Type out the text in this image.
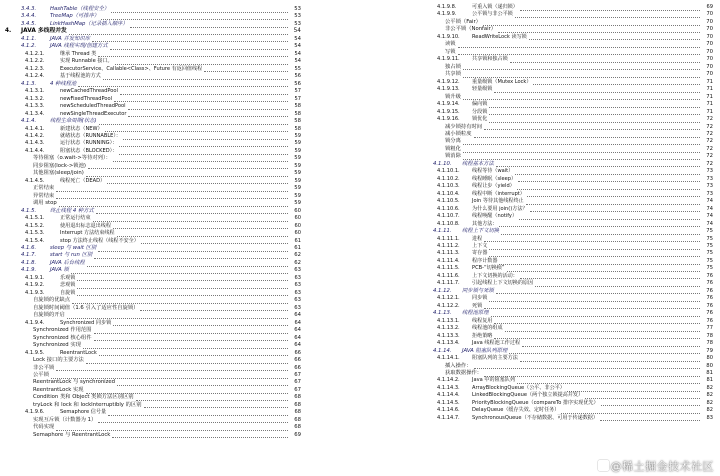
3.4.3.	HashTable（线程安全）	53
3.4.4.	TreeMap（可排序）	53
3.4.5.	LinkHashMap（记录插入顺序）	53
4. JAVA 多线程并发	54
4.1.1.	JAVA 并发知识库	54
4.1.2.	JAVA 线程实现/创建方式	54
4.1.2.1.	继承 Thread 类	54
4.1.2.2.	实现 Runnable 接口。	54
4.1.2.3.	ExecutorService、Callable<Class>、Future 有返回值线程	55
4.1.2.4.	基于线程池的方式	56
4.1.3.	4 种线程池	56
4.1.3.1.	newCachedThreadPool	57
4.1.3.2.	newFixedThreadPool	57
4.1.3.3.	newScheduledThreadPool	58
4.1.3.4.	newSingleThreadExecutor	58
4.1.4.	线程生命周期(状态)	58
4.1.4.1.	新建状态（NEW）	58
4.1.4.2.	就绪状态（RUNNABLE）：	59
4.1.4.3.	运行状态（RUNNING）：	59
4.1.4.4.	阻塞状态（BLOCKED）：	59
等待阻塞（o.wait->等待对列）：	59
同步阻塞(lock->锁池)	59
其他阻塞(sleep/join)	59
4.1.4.5.	线程死亡（DEAD）	59
正常结束	59
异常结束	59
调用 stop	59
4.1.5.	终止线程 4 种方式	60
4.1.5.1.	正常运行结束	60
4.1.5.2.	使用退出标志退出线程	60
4.1.5.3.	Interrupt 方法结束线程	60
4.1.5.4.	stop 方法终止线程（线程不安全）	61
4.1.6.	sleep 与 wait 区别	61
4.1.7.	start 与 run 区别	62
4.1.8.	JAVA 后台线程	62
4.1.9.	JAVA 锁	63
4.1.9.1.	乐观锁	63
4.1.9.2.	悲观锁	63
4.1.9.3.	自旋锁	63
自旋锁的优缺点	63
自旋锁时间阈值（1.6 引入了适应性自旋锁）	63
自旋锁的开启	64
4.1.9.4.	Synchronized 同步锁	64
Synchronized 作用范围	64
Synchronized 核心组件	64
Synchronized 实现	64
4.1.9.5.	ReentrantLock	66
Lock 接口的主要方法	66
非公平锁	66
公平锁	67
ReentrantLock 与 synchronized	67
ReentrantLock 实现	67
Condition 类和 Object 类锁方法区别区别	68
tryLock 和 lock 和 lockInterruptibly 的区别	68
4.1.9.6.	Semaphore 信号量	68
实现互斥锁（计数器为 1）	68
代码实现	68
Semaphore 与 ReentrantLock	69
4.1.9.8.	可重入锁（递归锁）	69
4.1.9.9.	公平锁与非公平锁	70
公平锁（Fair）	70
非公平锁（Nonfair）	70
4.1.9.10. ReadWriteLock 读写锁	70
读锁	70
写锁	70
4.1.9.11. 共享锁和独占锁	70
独占锁	70
共享锁	70
4.1.9.12. 重量级锁（Mutex Lock）	71
4.1.9.13. 轻量级锁	71
锁升级	71
4.1.9.14. 偏向锁	71
4.1.9.15. 分段锁	71
4.1.9.16. 锁优化	72
减少锁持有时间	72
减小锁粒度	72
锁分离	72
锁粗化	72
锁消除	72
4.1.10. 线程基本方法	72
4.1.10.1. 线程等待（wait）	73
4.1.10.2. 线程睡眠（sleep）	73
4.1.10.3. 线程让步（yield）	73
4.1.10.4. 线程中断（interrupt）	73
4.1.10.5. Join 等待其他线程终止	74
4.1.10.6. 为什么要用 join()方法？	74
4.1.10.7. 线程唤醒（notify）	74
4.1.10.8. 其他方法：	74
4.1.11. 线程上下文切换	75
4.1.11.1. 进程	75
4.1.11.2. 上下文	75
4.1.11.3. 寄存器	75
4.1.11.4. 程序计数器	75
4.1.11.5. PCB-“切换桢”	75
4.1.11.6. 上下文切换的活动：	76
4.1.11.7. 引起线程上下文切换的原因	76
4.1.12. 同步锁与死锁	76
4.1.12.1. 同步锁	76
4.1.12.2. 死锁	76
4.1.13. 线程池原理	76
4.1.13.1. 线程复用	76
4.1.13.2. 线程池的组成	77
4.1.13.3. 拒绝策略	78
4.1.13.4. Java 线程池工作过程	78
4.1.14. JAVA 阻塞队列原理	79
4.1.14.1. 阻塞队列的主要方法	80
插入操作：	80
获取数据操作：	81
4.1.14.2. Java 中的阻塞队列	81
4.1.14.3. ArrayBlockingQueue（公平、非公平）	82
4.1.14.4. LinkedBlockingQueue（两个独立锁提高并发）	82
4.1.14.5. PriorityBlockingQueue（compareTo 排序实现优先）	82
4.1.14.6. DelayQueue（缓存失效、定时任务）	82
4.1.14.7. SynchronousQueue（不存储数据、可用于传递数据）	83
@稀土掘金技术社区
